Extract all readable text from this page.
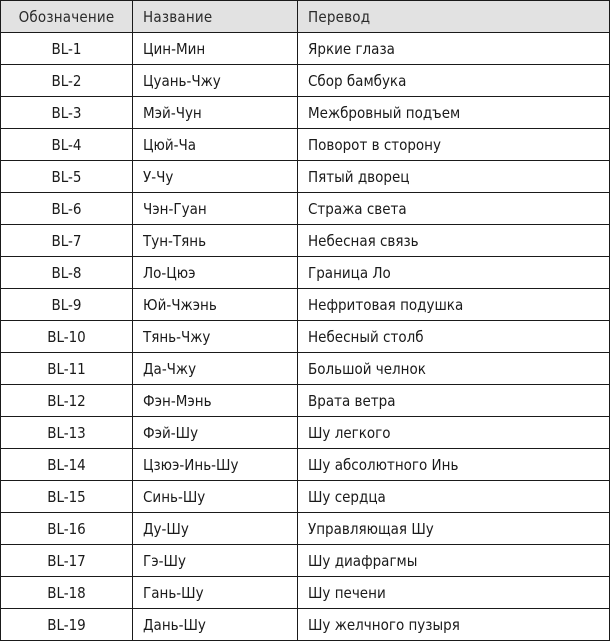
Обозначение	Название	Перевод
BL-1	Цин-Мин	Яркие глаза
BL-2	Цуань-Чжу	Сбор бамбука
BL-3	Мэй-Чун	Межбровный подъем
BL-4	Цюй-Ча	Поворот в сторону
BL-5	У-Чу	Пятый дворец
BL-6	Чэн-Гуан	Стража света
BL-7	Тун-Тянь	Небесная связь
BL-8	Ло-Цюэ	Граница Ло
BL-9	Юй-Чжэнь	Нефритовая подушка
BL-10	Тянь-Чжу	Небесный столб
BL-11	Да-Чжу	Большой челнок
BL-12	Фэн-Мэнь	Врата ветра
BL-13	Фэй-Шу	Шу легкого
BL-14	Цзюэ-Инь-Шу	Шу абсолютного Инь
BL-15	Синь-Шу	Шу сердца
BL-16	Ду-Шу	Управляющая Шу
BL-17	Гэ-Шу	Шу диафрагмы
BL-18	Гань-Шу	Шу печени
BL-19	Дань-Шу	Шу желчного пузыря
